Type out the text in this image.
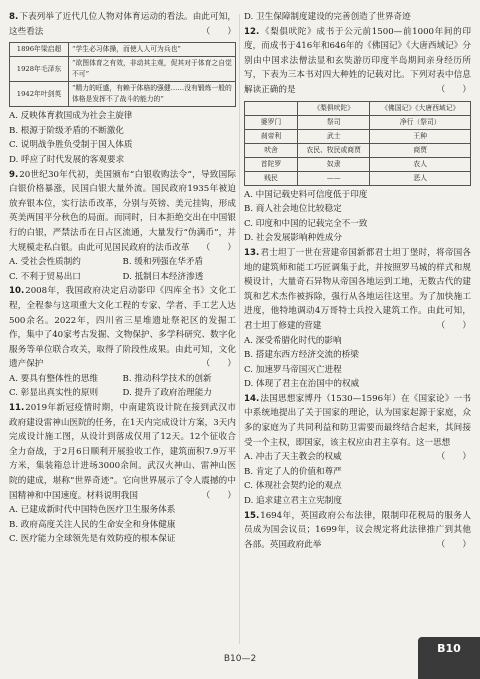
8.下表列举了近代几位人物对体育运动的看法。由此可知，这些看法	（　　）

1896年梁启超	“学生必习体操，而使人人可为兵也”
1928年毛泽东	“欲图体育之有效，非动其主观，促其对于体育之自觉不可”
1942年叶剑英	“精力的旺盛，有赖于体格的强健……没有锻炼一般的体格是发挥不了战斗的能力的”

A. 反映体育救国成为社会主旋律

B. 根源于阶级矛盾的不断激化

C. 说明战争胜负受制于国人体质

D. 呼应了时代发展的客观要求

9.20世纪30年代初，美国颁布“白银收购法令”，导致国际白银价格暴涨，民国白银大量外流。国民政府1935年被迫放弃银本位，实行法币改革，分别与英镑、美元挂钩，形成英美两国平分秋色的局面。而同时，日本拒绝交出在中国银行的白银，严禁法币在日占区流通，大量发行“伪满币”，并大规模走私白银。由此可见国民政府的法币改革 （　　）

A. 受社会性质制约	B. 缓和列强在华矛盾
C. 不利于贸易出口	D. 抵制日本经济渗透

10.2008年，我国政府决定启动影印《四库全书》文化工程，全程参与这项重大文化工程的专家、学者、手工艺人达500余名。2022年，四川省三星堆遗址祭祀区的发掘工作，集中了40家考古发掘、文物保护、多学科研究、数字化服务等单位联合攻关，取得了阶段性成果。由此可知，文化遗产保护	（　　）

A. 要具有整体性的思维	B. 推动科学技术的创新
C. 彰显出真实性的原则	D. 提升了政府治理能力

11.2019年新冠疫情时期，中南建筑设计院在接到武汉市政府建设雷神山医院的任务，在1天内完成设计方案，3天内完成设计施工图，从设计到落成仅用了12天。12个征收合全力奋战，于2月6日顺利开展验收工作，建筑面积7.9万平方米，集装箱总计进场3000余间。武汉火神山、雷神山医院的建成，堪称“世界奇迹”。它向世界展示了令人震撼的中国精神和中国速度。材料说明我国	（　　）

A. 已建成新时代中国特色医疗卫生服务体系

B. 政府高度关注人民的生命安全和身体健康

C. 医疗能力全球领先是有效防疫的根本保证

D. 卫生保障制度建设的完善创造了世界奇迹

12.《梨俱吠陀》成书于公元前1500—前1000年间的印度，而成书于416年和646年的《佛国记》《大唐西域记》分别由中国求法僧法显和玄奘游历印度半岛期间亲身经历所写，下表为三本书对四大种姓的记载对比。下列对表中信息解读正确的是	（　　）

	《梨俱吠陀》	《佛国记》《大唐西域记》
婆罗门	祭司	净行（祭司）
刹帝利	武士	王种
吠舍	农民、牧民或商贾	商贾
首陀罗	奴隶	农人
贱民	——	恶人

A. 中国记载史料可信度低于印度

B. 商人社会地位比较稳定

C. 印度和中国的记载完全不一致

D. 社会发展影响种姓成分

13.君士坦丁一世在营建帝国新都君士坦丁堡时，将帝国各地的建筑师和能工巧匠调集于此，并按照罗马城的样式和规模设计，大量奇石异物从帝国各地运到工地，无数古代的建筑和艺术杰作被拆除，强行从各地运往这里。为了加快施工进度，他特地调动4万哥特士兵投入建筑工作。由此可知，君士坦丁修建的营建	（　　）

A. 深受希腊化时代的影响

B. 搭建东西方经济交流的桥梁

C. 加速罗马帝国灭亡进程

D. 体现了君主在治国中的权威

14.法国思想家博丹（1530—1596年）在《国家论》一书中系统地提出了关于国家的理论，认为国家起源于家庭，众多的家庭为了共同利益和防卫需要而最终结合起来，其间接受一个主权，即国家，该主权应由君主享有。这一思想
（　　）

A. 冲击了天主教会的权威

B. 肯定了人的价值和尊严

C. 体现社会契约论的观点

D. 追求建立君主立宪制度

15.1694年，英国政府公布法律，限制印花税局的服务人员成为国会议员；1699年，议会规定将此法律推广到其他各部。英国政府此举	（　　）

B10—2
B10
